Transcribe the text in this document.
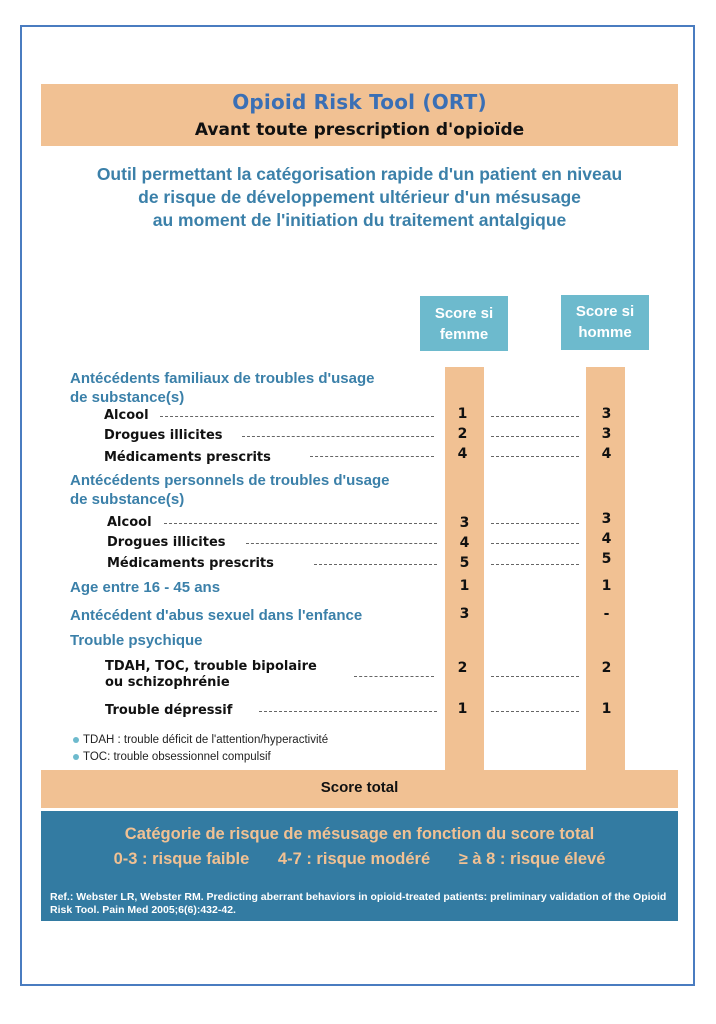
Opioid Risk Tool (ORT)
Avant toute prescription d'opioïde
Outil permettant la catégorisation rapide d'un patient en niveau
de risque de développement ultérieur d'un mésusage
au moment de l'initiation du traitement antalgique
Score si femme
Score si homme
Antécédents familiaux de troubles d'usage
de substance(s)
Alcool	1	3
Drogues illicites	2	3
Médicaments prescrits	4	4
Antécédents personnels de troubles d'usage
de substance(s)
Alcool	3	3
Drogues illicites	4	4
Médicaments prescrits	5	5
Age entre 16 - 45 ans	1	1
Antécédent d'abus sexuel dans l'enfance	3	-
Trouble psychique
TDAH, TOC, trouble bipolaire
ou schizophrénie
2	2
Trouble dépressif	1	1
TDAH : trouble déficit de l'attention/hyperactivité
TOC: trouble obsessionnel compulsif
Score total
Catégorie de risque de mésusage en fonction du score total
0-3 : risque faible 4-7 : risque modéré ≥ à 8 : risque élevé
Ref.: Webster LR, Webster RM. Predicting aberrant behaviors in opioid-treated patients: preliminary validation of the Opioid Risk Tool. Pain Med 2005;6(6):432-42.
